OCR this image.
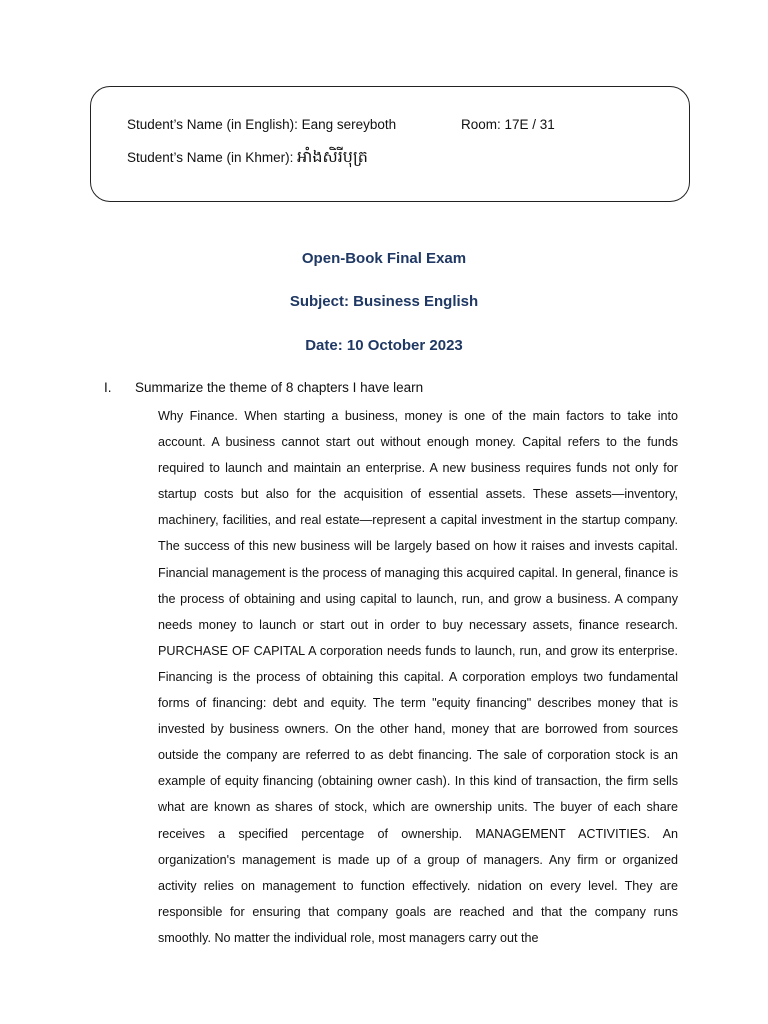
Student’s Name (in English): Eang sereyboth	Room: 17E / 31
Student’s Name (in Khmer): អាំងសិរីបុត្រ
Open-Book Final Exam
Subject: Business English
Date: 10 October 2023
I. Summarize the theme of 8 chapters I have learn

Why Finance. When starting a business, money is one of the main factors to take into account. A business cannot start out without enough money. Capital refers to the funds required to launch and maintain an enterprise. A new business requires funds not only for startup costs but also for the acquisition of essential assets. These assets—inventory, machinery, facilities, and real estate—represent a capital investment in the startup company. The success of this new business will be largely based on how it raises and invests capital. Financial management is the process of managing this acquired capital. In general, finance is the process of obtaining and using capital to launch, run, and grow a business. A company needs money to launch or start out in order to buy necessary assets, finance research. PURCHASE OF CAPITAL A corporation needs funds to launch, run, and grow its enterprise. Financing is the process of obtaining this capital. A corporation employs two fundamental forms of financing: debt and equity. The term "equity financing" describes money that is invested by business owners. On the other hand, money that are borrowed from sources outside the company are referred to as debt financing. The sale of corporation stock is an example of equity financing (obtaining owner cash). In this kind of transaction, the firm sells what are known as shares of stock, which are ownership units. The buyer of each share receives a specified percentage of ownership. MANAGEMENT ACTIVITIES. An organization's management is made up of a group of managers. Any firm or organized activity relies on management to function effectively. nidation on every level. They are responsible for ensuring that company goals are reached and that the company runs smoothly. No matter the individual role, most managers carry out the
